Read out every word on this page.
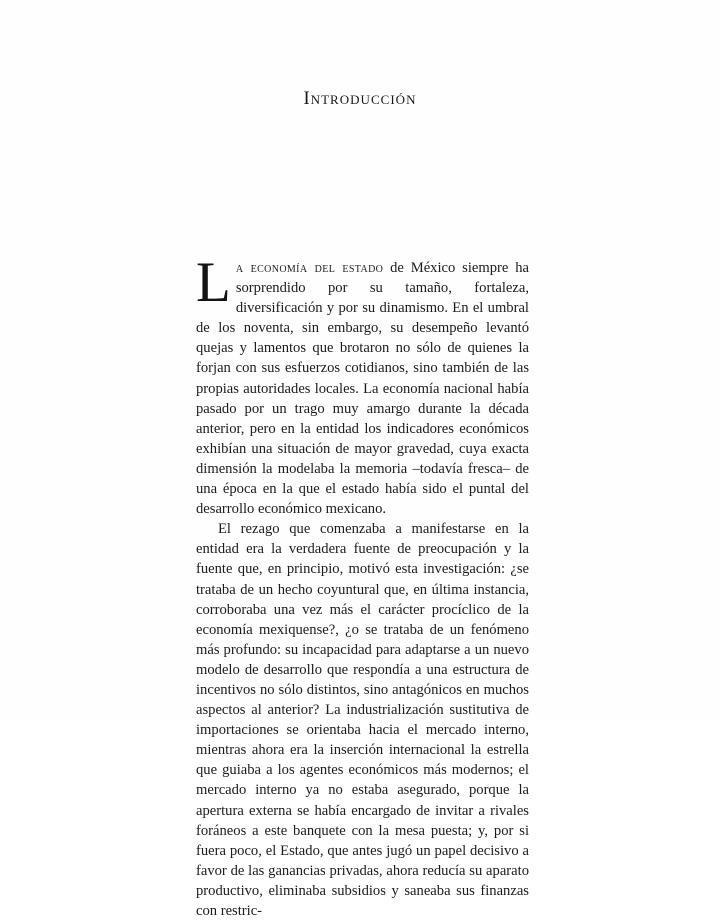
Introducción

La economía del estado de México siempre ha sorprendido por su tamaño, fortaleza, diversificación y por su dinamismo. En el umbral de los noventa, sin embargo, su desempeño levantó quejas y lamentos que brotaron no sólo de quienes la forjan con sus esfuerzos cotidianos, sino también de las propias autoridades locales. La economía nacional había pasado por un trago muy amargo durante la década anterior, pero en la entidad los indicadores económicos exhibían una situación de mayor gravedad, cuya exacta dimensión la modelaba la memoria –todavía fresca– de una época en la que el estado había sido el puntal del desarrollo económico mexicano.

El rezago que comenzaba a manifestarse en la entidad era la verdadera fuente de preocupación y la fuente que, en principio, motivó esta investigación: ¿se trataba de un hecho coyuntural que, en última instancia, corroboraba una vez más el carácter procíclico de la economía mexiquense?, ¿o se trataba de un fenómeno más profundo: su incapacidad para adaptarse a un nuevo modelo de desarrollo que respondía a una estructura de incentivos no sólo distintos, sino antagónicos en muchos aspectos al anterior? La industrialización sustitutiva de importaciones se orientaba hacia el mercado interno, mientras ahora era la inserción internacional la estrella que guiaba a los agentes económicos más modernos; el mercado interno ya no estaba asegurado, porque la apertura externa se había encargado de invitar a rivales foráneos a este banquete con la mesa puesta; y, por si fuera poco, el Estado, que antes jugó un papel decisivo a favor de las ganancias privadas, ahora reducía su aparato productivo, eliminaba subsidios y saneaba sus finanzas con restric-
